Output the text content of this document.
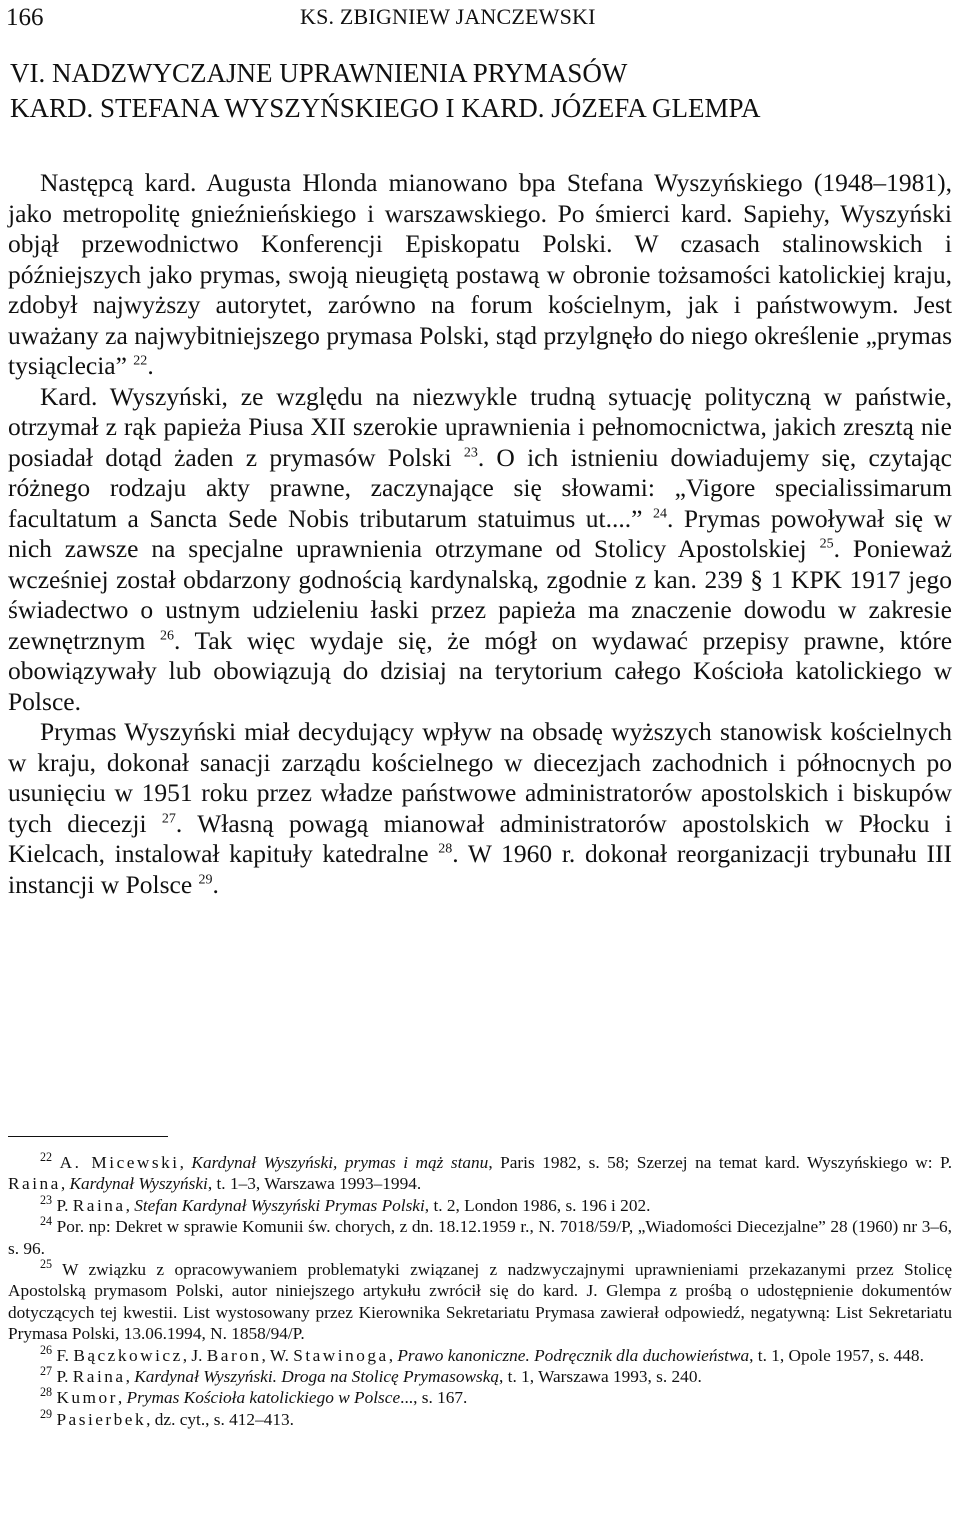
166	KS. ZBIGNIEW JANCZEWSKI
VI. NADZWYCZAJNE UPRAWNIENIA PRYMASÓW
KARD. STEFANA WYSZYŃSKIEGO I KARD. JÓZEFA GLEMPA

Następcą kard. Augusta Hlonda mianowano bpa Stefana Wyszyńskiego (1948–1981), jako metropolitę gnieźnieńskiego i warszawskiego. Po śmierci kard. Sapiehy, Wyszyński objął przewodnictwo Konferencji Episkopatu Polski. W czasach stalinowskich i późniejszych jako prymas, swoją nieugiętą postawą w obronie tożsamości katolickiej kraju, zdobył najwyższy autorytet, zarówno na forum kościelnym, jak i państwowym. Jest uważany za najwybitniejszego prymasa Polski, stąd przylgnęło do niego określenie „prymas tysiąclecia” $^{22}$.

Kard. Wyszyński, ze względu na niezwykle trudną sytuację polityczną w państwie, otrzymał z rąk papieża Piusa XII szerokie uprawnienia i pełnomocnictwa, jakich zresztą nie posiadał dotąd żaden z prymasów Polski $^{23}$. O ich istnieniu dowiadujemy się, czytając różnego rodzaju akty prawne, zaczynające się słowami: „Vigore specialissimarum facultatum a Sancta Sede Nobis tributarum statuimus ut....” $^{24}$. Prymas powoływał się w nich zawsze na specjalne uprawnienia otrzymane od Stolicy Apostolskiej $^{25}$. Ponieważ wcześniej został obdarzony godnością kardynalską, zgodnie z kan. 239 § 1 KPK 1917 jego świadectwo o ustnym udzieleniu łaski przez papieża ma znaczenie dowodu w zakresie zewnętrznym $^{26}$. Tak więc wydaje się, że mógł on wydawać przepisy prawne, które obowiązywały lub obowiązują do dzisiaj na terytorium całego Kościoła katolickiego w Polsce.

Prymas Wyszyński miał decydujący wpływ na obsadę wyższych stanowisk kościelnych w kraju, dokonał sanacji zarządu kościelnego w diecezjach zachodnich i północnych po usunięciu w 1951 roku przez władze państwowe administratorów apostolskich i biskupów tych diecezji $^{27}$. Własną powagą mianował administratorów apostolskich w Płocku i Kielcach, instalował kapituły katedralne $^{28}$. W 1960 r. dokonał reorganizacji trybunału III instancji w Polsce $^{29}$.

$^{22}$ A. Micewski, Kardynał Wyszyński, prymas i mąż stanu, Paris 1982, s. 58; Szerzej na temat kard. Wyszyńskiego w: P. Raina, Kardynał Wyszyński, t. 1–3, Warszawa 1993–1994.

$^{23}$ P. Raina, Stefan Kardynał Wyszyński Prymas Polski, t. 2, London 1986, s. 196 i 202.

$^{24}$ Por. np: Dekret w sprawie Komunii św. chorych, z dn. 18.12.1959 r., N. 7018/59/P, „Wiadomości Diecezjalne” 28 (1960) nr 3–6, s. 96.

$^{25}$ W związku z opracowywaniem problematyki związanej z nadzwyczajnymi uprawnieniami przekazanymi przez Stolicę Apostolską prymasom Polski, autor niniejszego artykułu zwrócił się do kard. J. Glempa z prośbą o udostępnienie dokumentów dotyczących tej kwestii. List wystosowany przez Kierownika Sekretariatu Prymasa zawierał odpowiedź, negatywną: List Sekretariatu Prymasa Polski, 13.06.1994, N. 1858/94/P.

$^{26}$ F. Bączkowicz, J. Baron, W. Stawinoga, Prawo kanoniczne. Podręcznik dla duchowieństwa, t. 1, Opole 1957, s. 448.

$^{27}$ P. Raina, Kardynał Wyszyński. Droga na Stolicę Prymasowską, t. 1, Warszawa 1993, s. 240.

$^{28}$ Kumor, Prymas Kościoła katolickiego w Polsce..., s. 167.

$^{29}$ Pasierbek, dz. cyt., s. 412–413.
